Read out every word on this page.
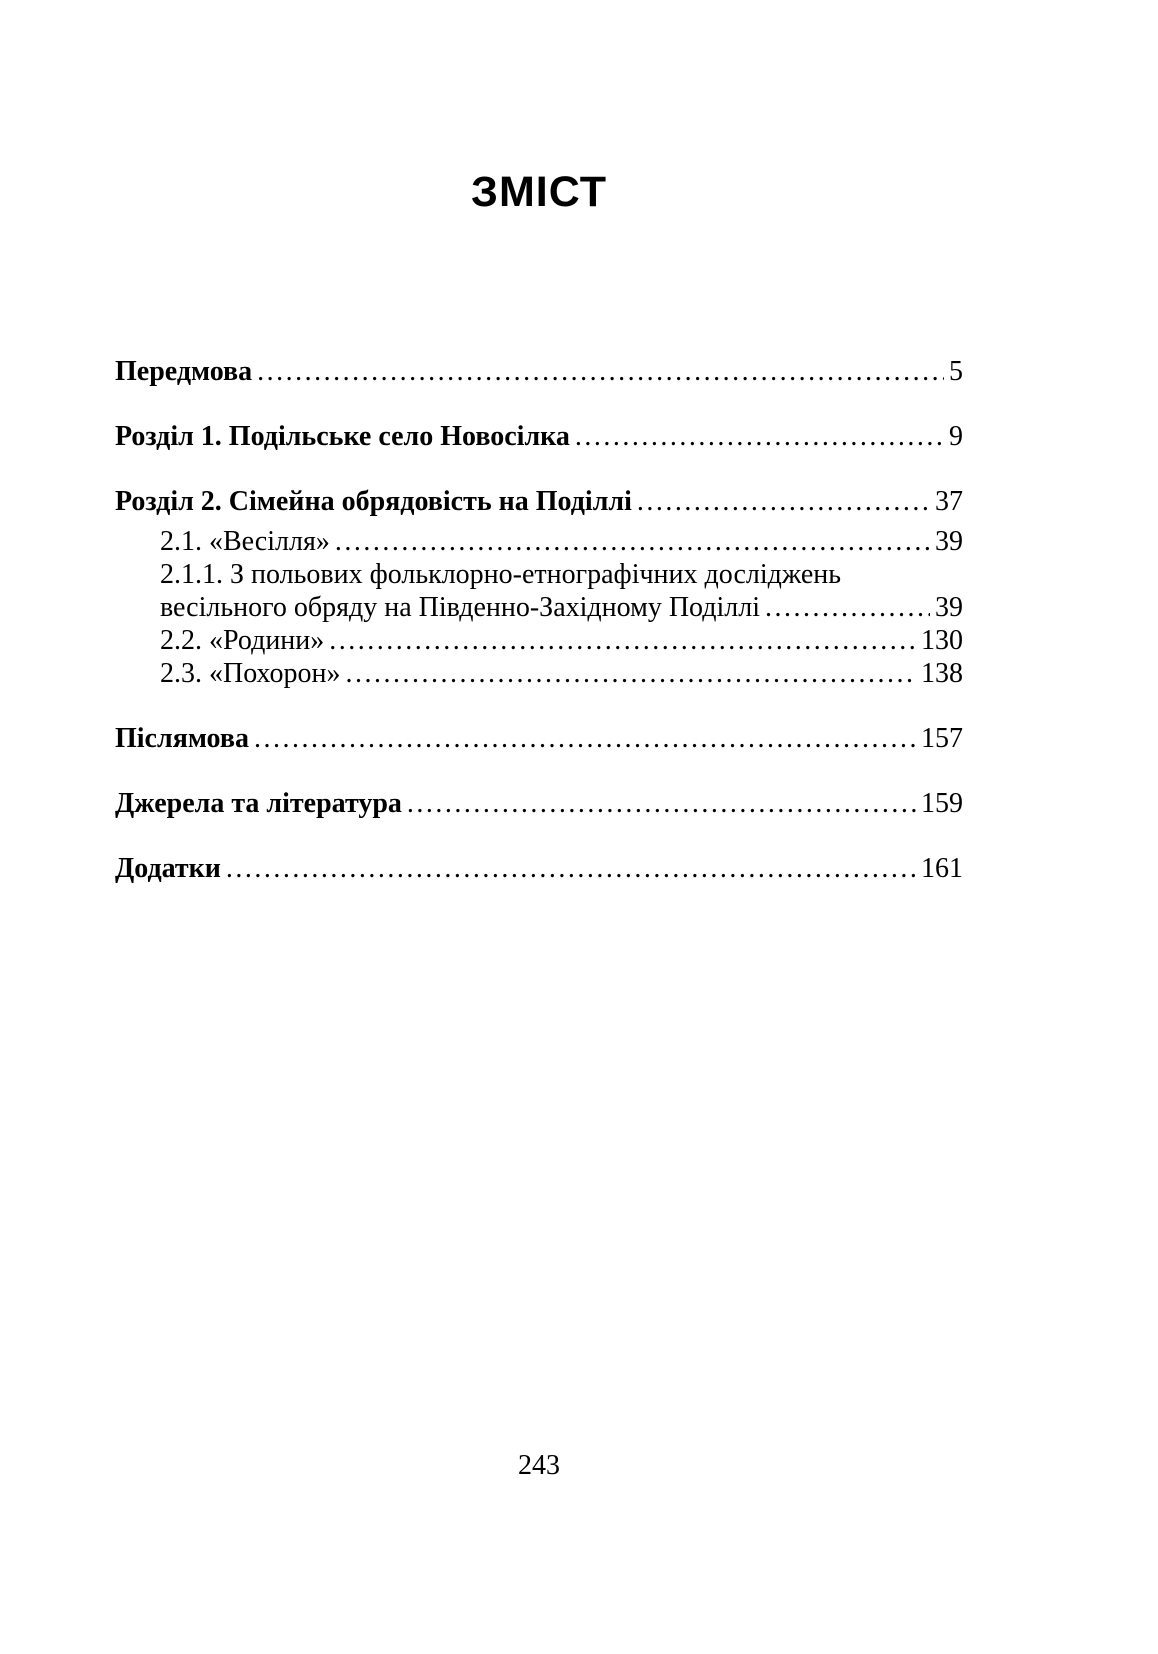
ЗМІСТ
Передмова .....	5
Розділ 1. Подільське село Новосілка .....	9
Розділ 2. Сімейна обрядовість на Поділлі .....	37
2.1. «Весілля» .....	39
2.1.1. З польових фольклорно-етнографічних досліджень
весільного обряду на Південно-Західному Поділлі .....	39
2.2. «Родини» .....	130
2.3. «Похорон» .....	138
Післямова .....	157
Джерела та література .....	159
Додатки .....	161
243
